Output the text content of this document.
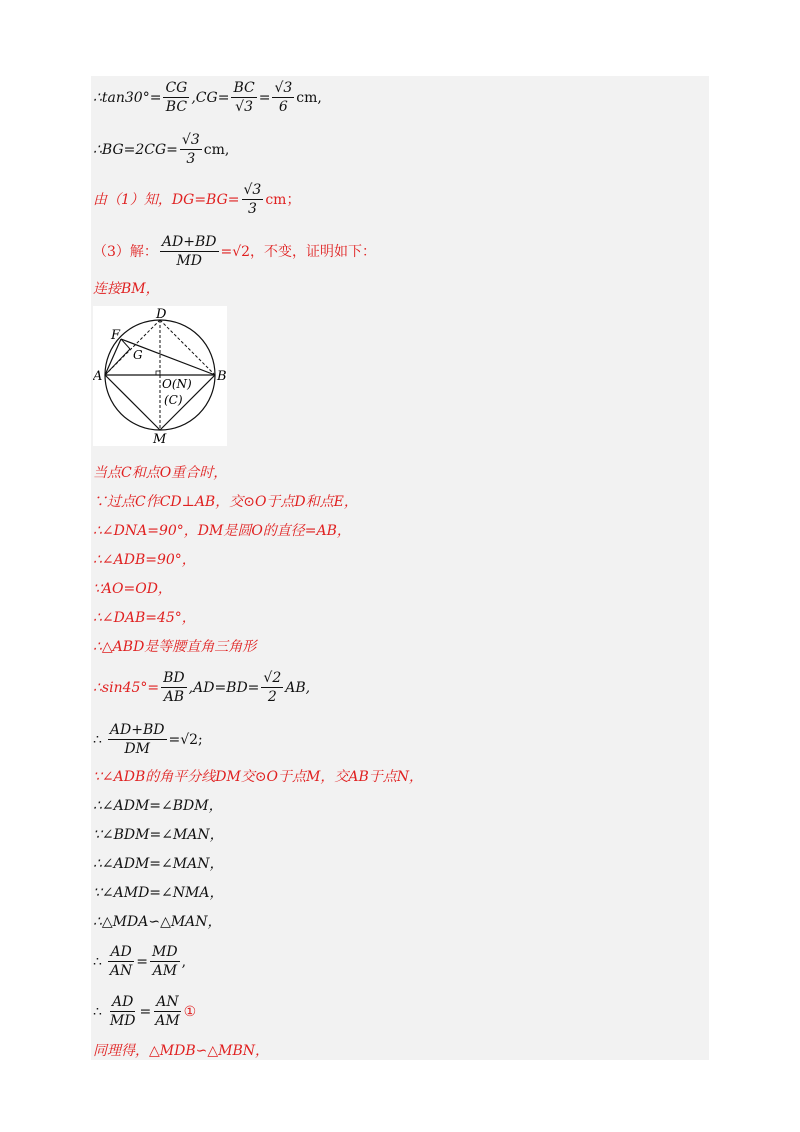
∴tan30°= $\frac{CG}{BC} ,CG= \frac{BC}{√3} = \frac{√3}{6}$ cm,
∴BG=2CG= $\frac{√3}{3}$ cm,
由（1）知，$DG=BG= \frac{√3}{3}$ cm；
（3）解： $\frac{AD+BD}{MD} =√2$，不变，证明如下：
连接BM，
D
F
G
A	B
O(N)
(C)
M
当点C和点O重合时，
∵过点C作CD⊥AB，交⊙O于点D和点E，
∴∠DNA=90°，DM是圆O的直径=AB，
∴∠ADB=90°，
∵AO=OD，
∴∠DAB=45°，
∴△ABD是等腰直角三角形
∴sin45°= $\frac{BD}{AB} ,AD=BD= \frac{√2}{2}$ AB,
∴ $\frac{AD+BD}{DM} =√2$;
∵∠ADB的角平分线DM交⊙O于点M，交AB于点N，
∴∠ADM=∠BDM，
∵∠BDM=∠MAN，
∴∠ADM=∠MAN，
∵∠AMD=∠NMA，
∴△MDA∽△MAN，
∴ $\frac{AD}{AN} = \frac{MD}{AM}$ ,
∴ $\frac{AD}{MD} = \frac{AN}{AM}$ ①
同理得，△MDB∽△MBN，
